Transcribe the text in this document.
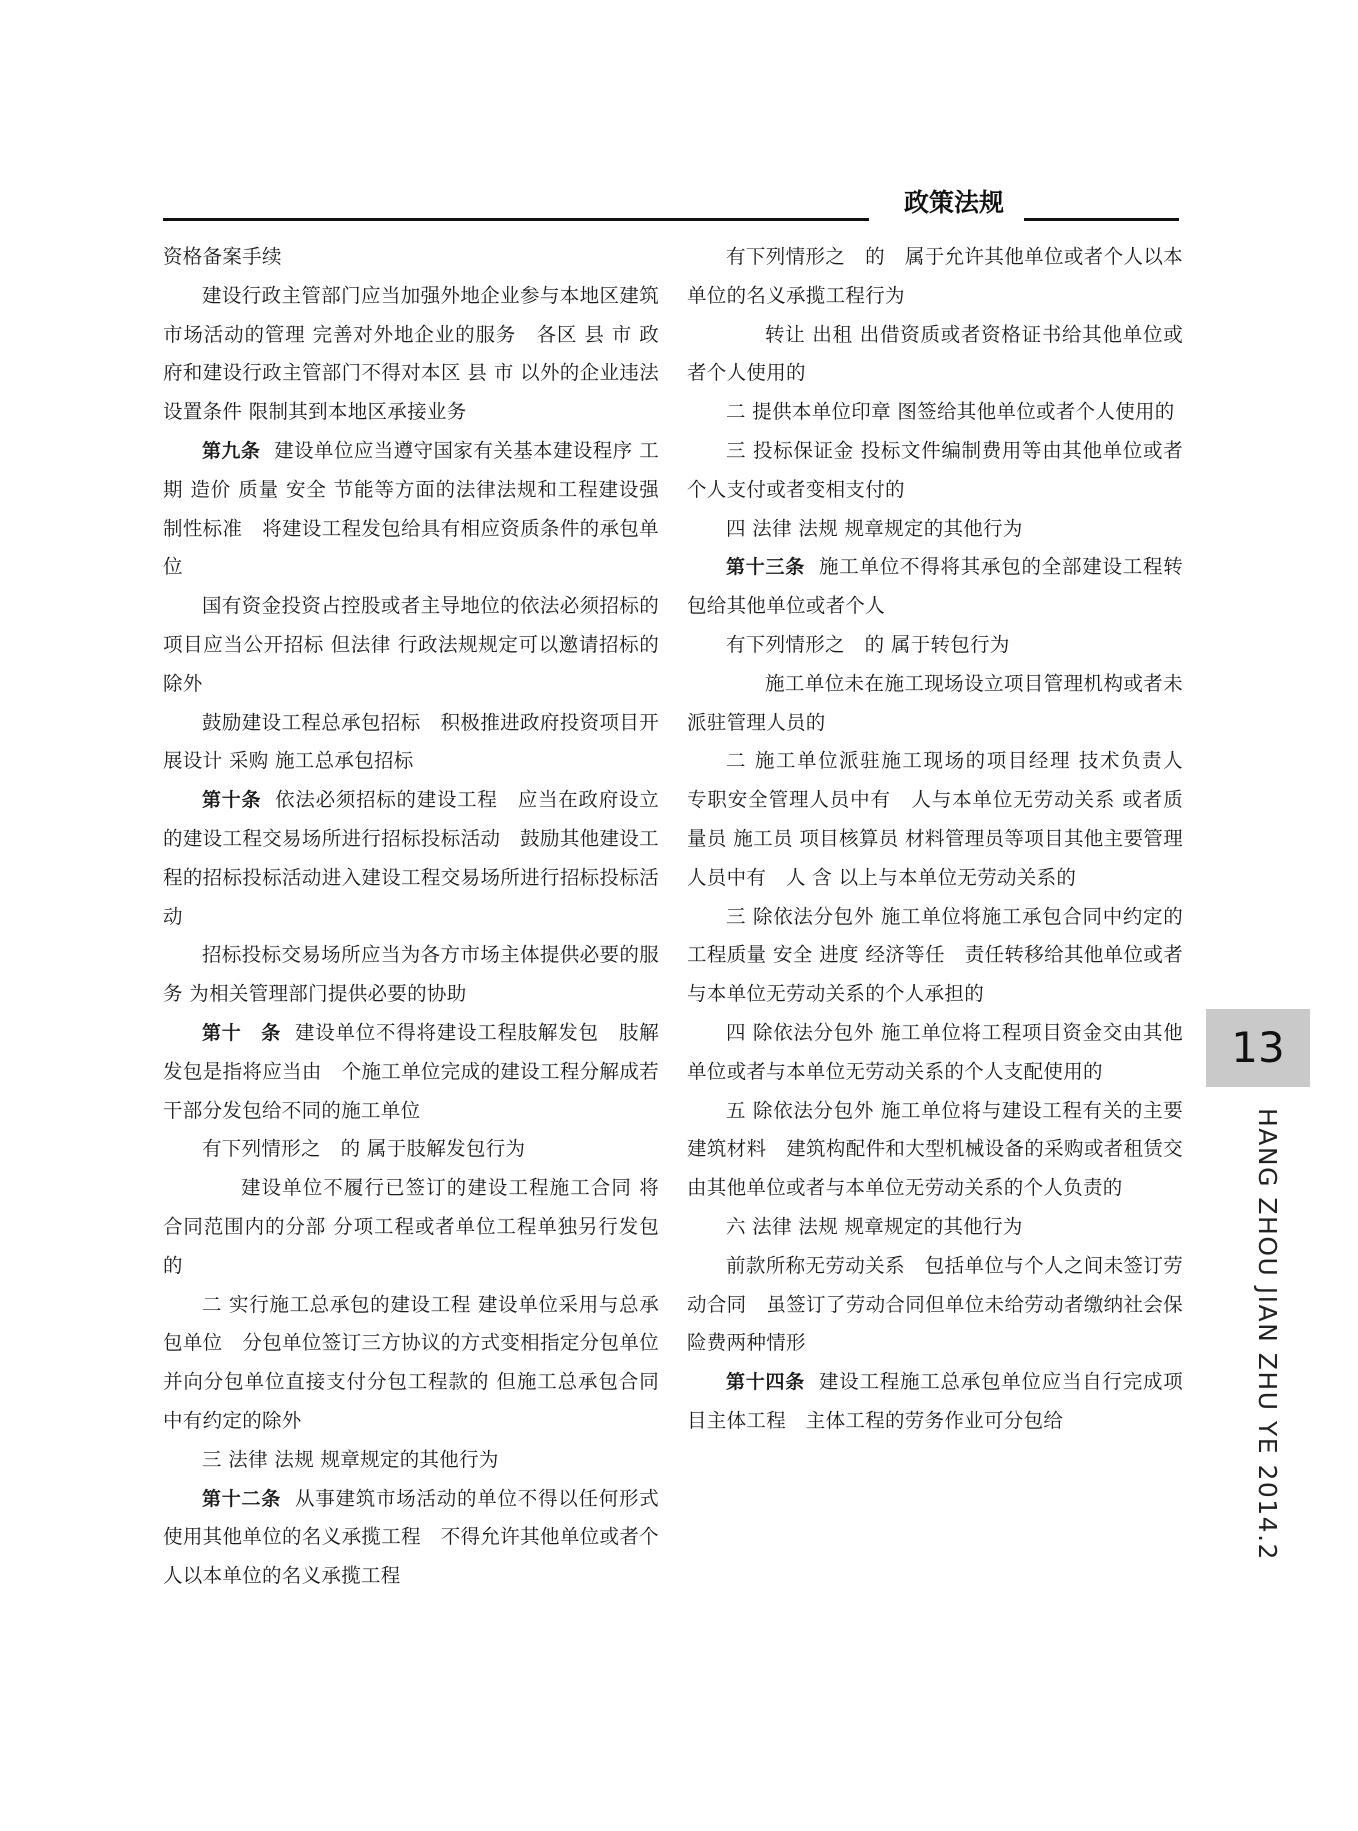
政策法规

资格备案手续

建设行政主管部门应当加强外地企业参与本地区建筑市场活动的管理 完善对外地企业的服务　各区 县 市 政府和建设行政主管部门不得对本区 县 市 以外的企业违法设置条件 限制其到本地区承接业务

第九条 建设单位应当遵守国家有关基本建设程序 工期 造价 质量 安全 节能等方面的法律法规和工程建设强制性标准　将建设工程发包给具有相应资质条件的承包单位

国有资金投资占控股或者主导地位的依法必须招标的项目应当公开招标 但法律 行政法规规定可以邀请招标的除外

鼓励建设工程总承包招标　积极推进政府投资项目开展设计 采购 施工总承包招标

第十条 依法必须招标的建设工程　应当在政府设立的建设工程交易场所进行招标投标活动　鼓励其他建设工程的招标投标活动进入建设工程交易场所进行招标投标活动

招标投标交易场所应当为各方市场主体提供必要的服务 为相关管理部门提供必要的协助

第十　条 建设单位不得将建设工程肢解发包　肢解发包是指将应当由　个施工单位完成的建设工程分解成若干部分发包给不同的施工单位

有下列情形之　的 属于肢解发包行为

建设单位不履行已签订的建设工程施工合同 将合同范围内的分部 分项工程或者单位工程单独另行发包的

二 实行施工总承包的建设工程 建设单位采用与总承包单位　分包单位签订三方协议的方式变相指定分包单位　并向分包单位直接支付分包工程款的 但施工总承包合同中有约定的除外

三 法律 法规 规章规定的其他行为

第十二条 从事建筑市场活动的单位不得以任何形式使用其他单位的名义承揽工程　不得允许其他单位或者个人以本单位的名义承揽工程

有下列情形之　的　属于允许其他单位或者个人以本单位的名义承揽工程行为

转让 出租 出借资质或者资格证书给其他单位或者个人使用的

二 提供本单位印章 图签给其他单位或者个人使用的

三 投标保证金 投标文件编制费用等由其他单位或者个人支付或者变相支付的

四 法律 法规 规章规定的其他行为

第十三条 施工单位不得将其承包的全部建设工程转包给其他单位或者个人

有下列情形之　的 属于转包行为

施工单位未在施工现场设立项目管理机构或者未派驻管理人员的

二 施工单位派驻施工现场的项目经理 技术负责人　专职安全管理人员中有　人与本单位无劳动关系 或者质量员 施工员 项目核算员 材料管理员等项目其他主要管理人员中有　人 含 以上与本单位无劳动关系的

三 除依法分包外 施工单位将施工承包合同中约定的工程质量 安全 进度 经济等任　责任转移给其他单位或者与本单位无劳动关系的个人承担的

四 除依法分包外 施工单位将工程项目资金交由其他单位或者与本单位无劳动关系的个人支配使用的

五 除依法分包外 施工单位将与建设工程有关的主要建筑材料　建筑构配件和大型机械设备的采购或者租赁交由其他单位或者与本单位无劳动关系的个人负责的

六 法律 法规 规章规定的其他行为

前款所称无劳动关系　包括单位与个人之间未签订劳动合同　虽签订了劳动合同但单位未给劳动者缴纳社会保险费两种情形

第十四条 建设工程施工总承包单位应当自行完成项目主体工程　主体工程的劳务作业可分包给

13
HANG ZHOU JIAN ZHU YE 2014.2
